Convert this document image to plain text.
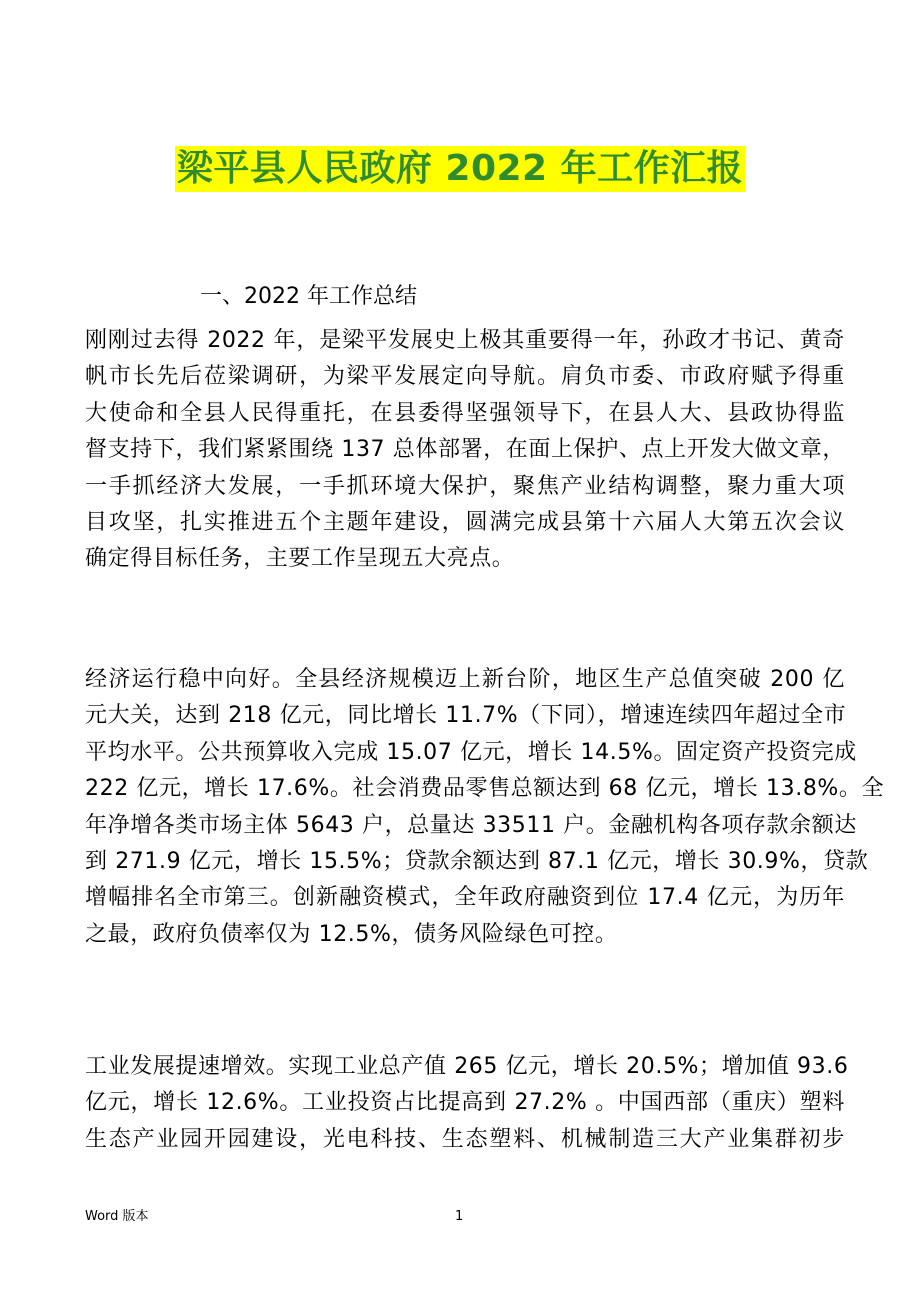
梁平县人民政府 2022 年工作汇报
一、2022 年工作总结
刚刚过去得 2022 年，是梁平发展史上极其重要得一年，孙政才书记、黄奇
帆市长先后莅梁调研，为梁平发展定向导航。肩负市委、市政府赋予得重
大使命和全县人民得重托，在县委得坚强领导下，在县人大、县政协得监
督支持下，我们紧紧围绕 137 总体部署，在面上保护、点上开发大做文章，
一手抓经济大发展，一手抓环境大保护，聚焦产业结构调整，聚力重大项
目攻坚，扎实推进五个主题年建设，圆满完成县第十六届人大第五次会议
确定得目标任务，主要工作呈现五大亮点。
经济运行稳中向好。全县经济规模迈上新台阶，地区生产总值突破 200 亿
元大关，达到 218 亿元，同比增长 11.7%（下同），增速连续四年超过全市
平均水平。公共预算收入完成 15.07 亿元，增长 14.5%。固定资产投资完成
222 亿元，增长 17.6%。社会消费品零售总额达到 68 亿元，增长 13.8%。全
年净增各类市场主体 5643 户，总量达 33511 户。金融机构各项存款余额达
到 271.9 亿元，增长 15.5%；贷款余额达到 87.1 亿元，增长 30.9%，贷款
增幅排名全市第三。创新融资模式，全年政府融资到位 17.4 亿元，为历年
之最，政府负债率仅为 12.5%，债务风险绿色可控。
工业发展提速增效。实现工业总产值 265 亿元，增长 20.5%；增加值 93.6
亿元，增长 12.6%。工业投资占比提高到 27.2% 。中国西部（重庆）塑料
生态产业园开园建设，光电科技、生态塑料、机械制造三大产业集群初步
Word 版本	1
